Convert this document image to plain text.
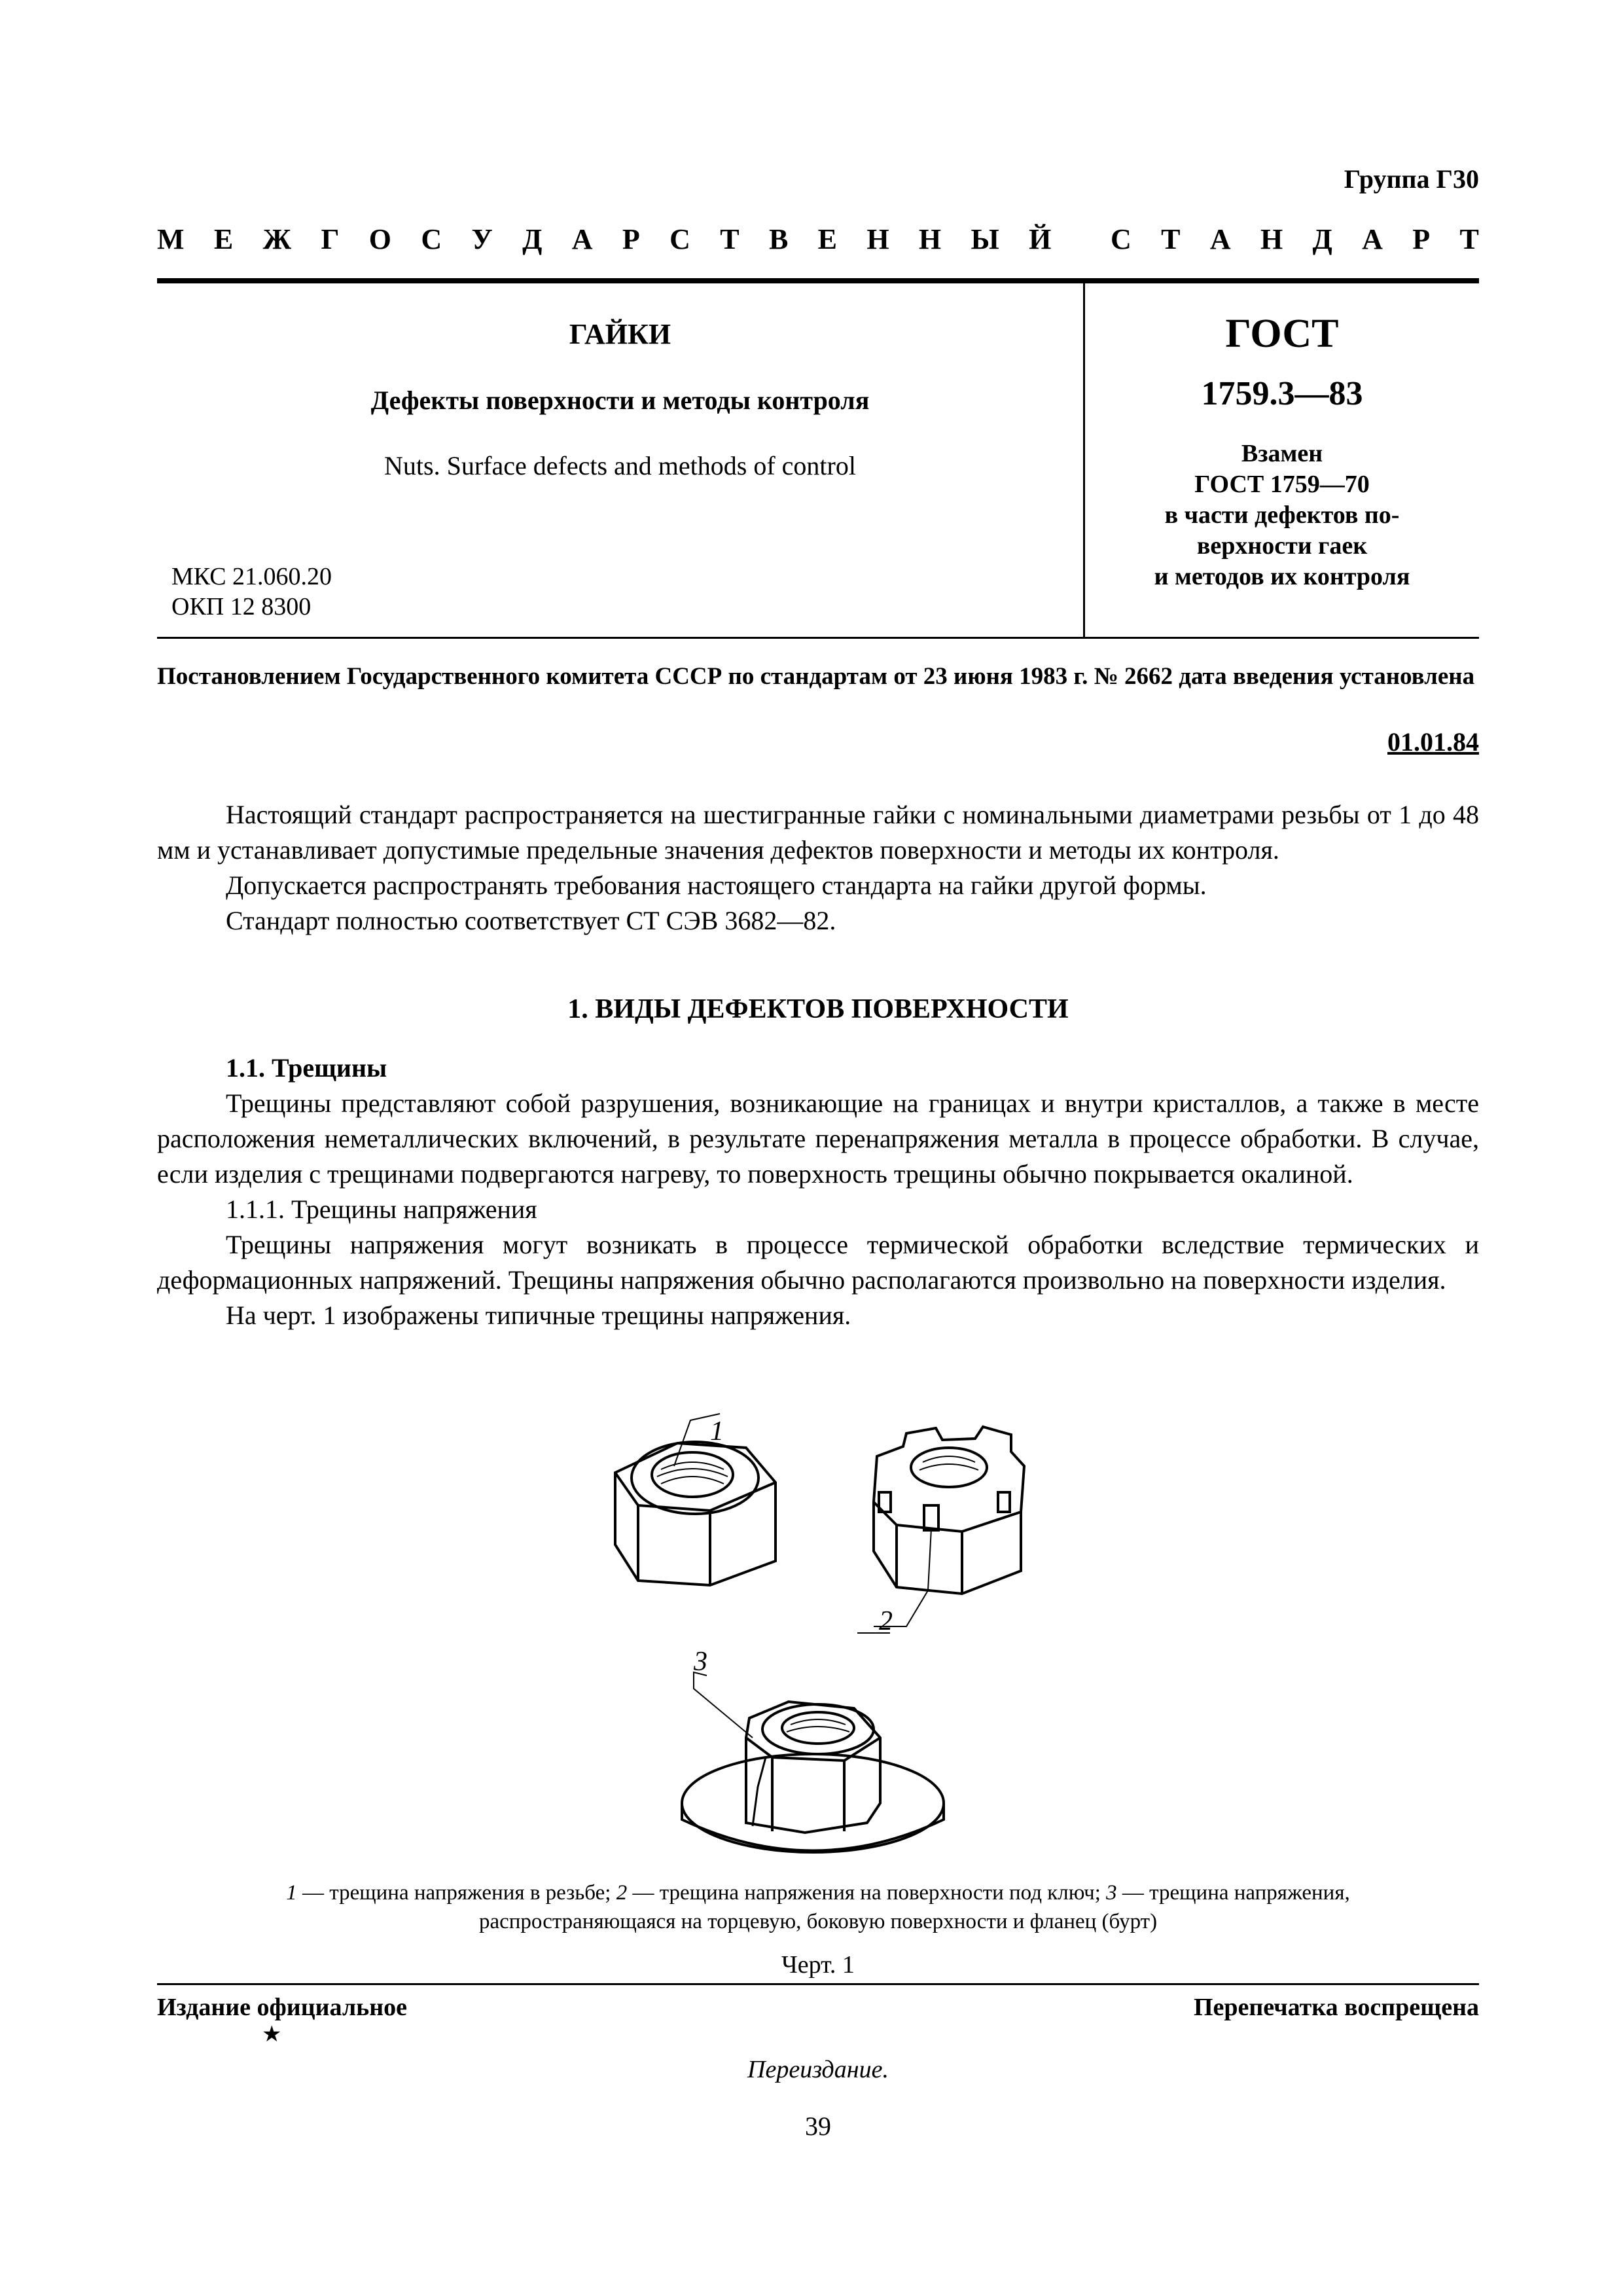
Группа Г30
М Е Ж Г О С У Д А Р С Т В Е Н Н Ы Й С Т А Н Д А Р Т
ГАЙКИ
Дефекты поверхности и методы контроля
Nuts. Surface defects and methods of control
МКС 21.060.20
ОКП 12 8300
ГОСТ
1759.3—83
Взамен
ГОСТ 1759—70
в части дефектов по-
верхности гаек
и методов их контроля
Постановлением Государственного комитета СССР по стандартам от 23 июня 1983 г. № 2662 дата введения установлена
01.01.84

Настоящий стандарт распространяется на шестигранные гайки с номинальными диаметрами резьбы от 1 до 48 мм и устанавливает допустимые предельные значения дефектов поверхности и методы их контроля.

Допускается распространять требования настоящего стандарта на гайки другой формы.

Стандарт полностью соответствует СТ СЭВ 3682—82.

1. ВИДЫ ДЕФЕКТОВ ПОВЕРХНОСТИ

1.1. Трещины

Трещины представляют собой разрушения, возникающие на границах и внутри кристаллов, а также в месте расположения неметаллических включений, в результате перенапряжения металла в процессе обработки. В случае, если изделия с трещинами подвергаются нагреву, то поверхность трещины обычно покрывается окалиной.

1.1.1. Трещины напряжения

Трещины напряжения могут возникать в процессе термической обработки вследствие термических и деформационных напряжений. Трещины напряжения обычно располагаются произвольно на поверхности изделия.

На черт. 1 изображены типичные трещины напряжения.

1
2
3
1 — трещина напряжения в резьбе; 2 — трещина напряжения на поверхности под ключ; 3 — трещина напряжения,
распространяющаяся на торцевую, боковую поверхности и фланец (бурт)
Черт. 1
Издание официальное
★
Перепечатка воспрещена
Переиздание.
39
